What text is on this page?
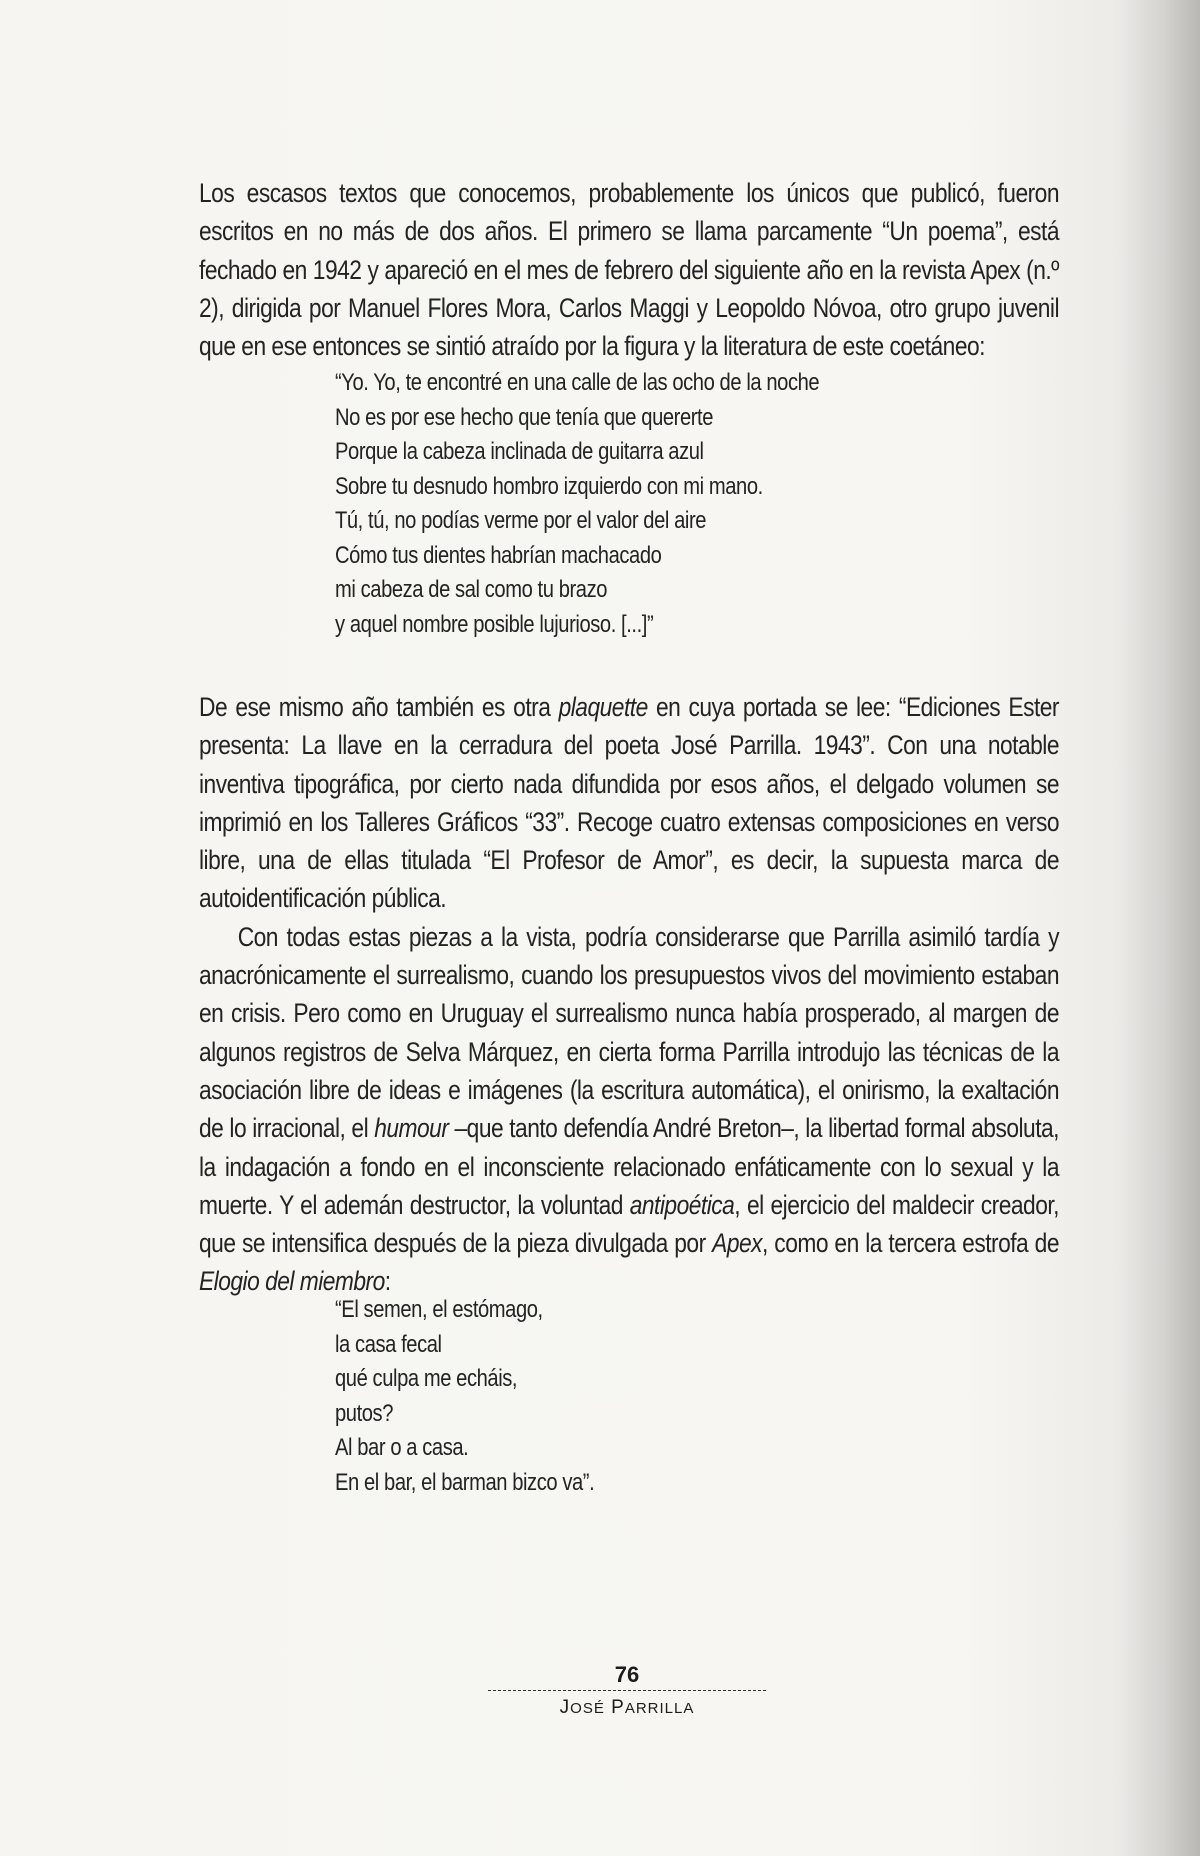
Los escasos textos que conocemos, probablemente los únicos que publicó, fueron escritos en no más de dos años. El primero se llama parcamente “Un poema”, está fechado en 1942 y apareció en el mes de febrero del siguiente año en la revista Apex (n.º 2), dirigida por Manuel Flores Mora, Carlos Maggi y Leopoldo Nóvoa, otro grupo juvenil que en ese entonces se sintió atraído por la figura y la literatura de este coetáneo:

“Yo. Yo, te encontré en una calle de las ocho de la noche
No es por ese hecho que tenía que quererte
Porque la cabeza inclinada de guitarra azul
Sobre tu desnudo hombro izquierdo con mi mano.
Tú, tú, no podías verme por el valor del aire
Cómo tus dientes habrían machacado
mi cabeza de sal como tu brazo
y aquel nombre posible lujurioso. [...]”

De ese mismo año también es otra plaquette en cuya portada se lee: “Ediciones Ester presenta: La llave en la cerradura del poeta José Parrilla. 1943”. Con una notable inventiva tipográfica, por cierto nada difundida por esos años, el delgado volumen se imprimió en los Talleres Gráficos “33”. Recoge cuatro extensas composiciones en verso libre, una de ellas titulada “El Profesor de Amor”, es decir, la supuesta marca de autoidentificación pública.

Con todas estas piezas a la vista, podría considerarse que Parrilla asimiló tardía y anacrónicamente el surrealismo, cuando los presupuestos vivos del movimiento estaban en crisis. Pero como en Uruguay el surrealismo nunca había prosperado, al margen de algunos registros de Selva Márquez, en cierta forma Parrilla introdujo las técnicas de la asociación libre de ideas e imágenes (la escritura automática), el onirismo, la exaltación de lo irracional, el humour –que tanto defendía André Breton–, la libertad formal absoluta, la indagación a fondo en el inconsciente relacionado enfáticamente con lo sexual y la muerte. Y el ademán destructor, la voluntad antipoética, el ejercicio del maldecir creador, que se intensifica después de la pieza divulgada por Apex, como en la tercera estrofa de Elogio del miembro:

“El semen, el estómago,
la casa fecal
qué culpa me echáis,
putos?
Al bar o a casa.
En el bar, el barman bizco va”.
76
JOSÉ PARRILLA
